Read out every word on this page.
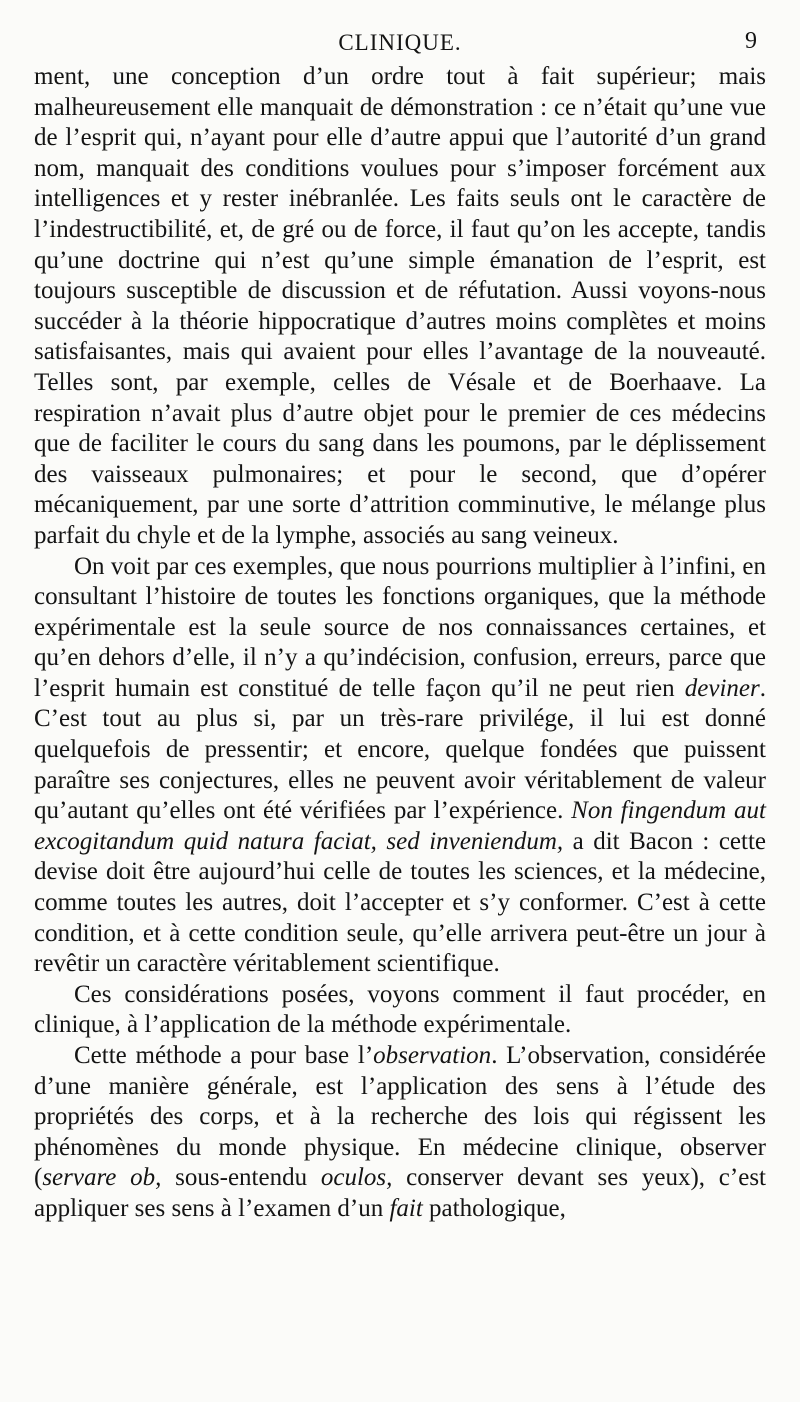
CLINIQUE.	9

ment, une conception d’un ordre tout à fait supérieur; mais malheureusement elle manquait de démonstration : ce n’était qu’une vue de l’esprit qui, n’ayant pour elle d’autre appui que l’autorité d’un grand nom, manquait des conditions voulues pour s’imposer forcément aux intelligences et y rester inébranlée. Les faits seuls ont le caractère de l’indestructibilité, et, de gré ou de force, il faut qu’on les accepte, tandis qu’une doctrine qui n’est qu’une simple émanation de l’esprit, est toujours susceptible de discussion et de réfutation. Aussi voyons-nous succéder à la théorie hippocratique d’autres moins complètes et moins satisfaisantes, mais qui avaient pour elles l’avantage de la nouveauté. Telles sont, par exemple, celles de Vésale et de Boerhaave. La respiration n’avait plus d’autre objet pour le premier de ces médecins que de faciliter le cours du sang dans les poumons, par le déplissement des vaisseaux pulmonaires; et pour le second, que d’opérer mécaniquement, par une sorte d’attrition comminutive, le mélange plus parfait du chyle et de la lymphe, associés au sang veineux.

On voit par ces exemples, que nous pourrions multiplier à l’infini, en consultant l’histoire de toutes les fonctions organiques, que la méthode expérimentale est la seule source de nos connaissances certaines, et qu’en dehors d’elle, il n’y a qu’indécision, confusion, erreurs, parce que l’esprit humain est constitué de telle façon qu’il ne peut rien deviner. C’est tout au plus si, par un très-rare privilége, il lui est donné quelquefois de pressentir; et encore, quelque fondées que puissent paraître ses conjectures, elles ne peuvent avoir véritablement de valeur qu’autant qu’elles ont été vérifiées par l’expérience. Non fingendum aut excogitandum quid natura faciat, sed inveniendum, a dit Bacon : cette devise doit être aujourd’hui celle de toutes les sciences, et la médecine, comme toutes les autres, doit l’accepter et s’y conformer. C’est à cette condition, et à cette condition seule, qu’elle arrivera peut-être un jour à revêtir un caractère véritablement scientifique.

Ces considérations posées, voyons comment il faut procéder, en clinique, à l’application de la méthode expérimentale.

Cette méthode a pour base l’observation. L’observation, considérée d’une manière générale, est l’application des sens à l’étude des propriétés des corps, et à la recherche des lois qui régissent les phénomènes du monde physique. En médecine clinique, observer (servare ob, sous-entendu oculos, conserver devant ses yeux), c’est appliquer ses sens à l’examen d’un fait pathologique,
